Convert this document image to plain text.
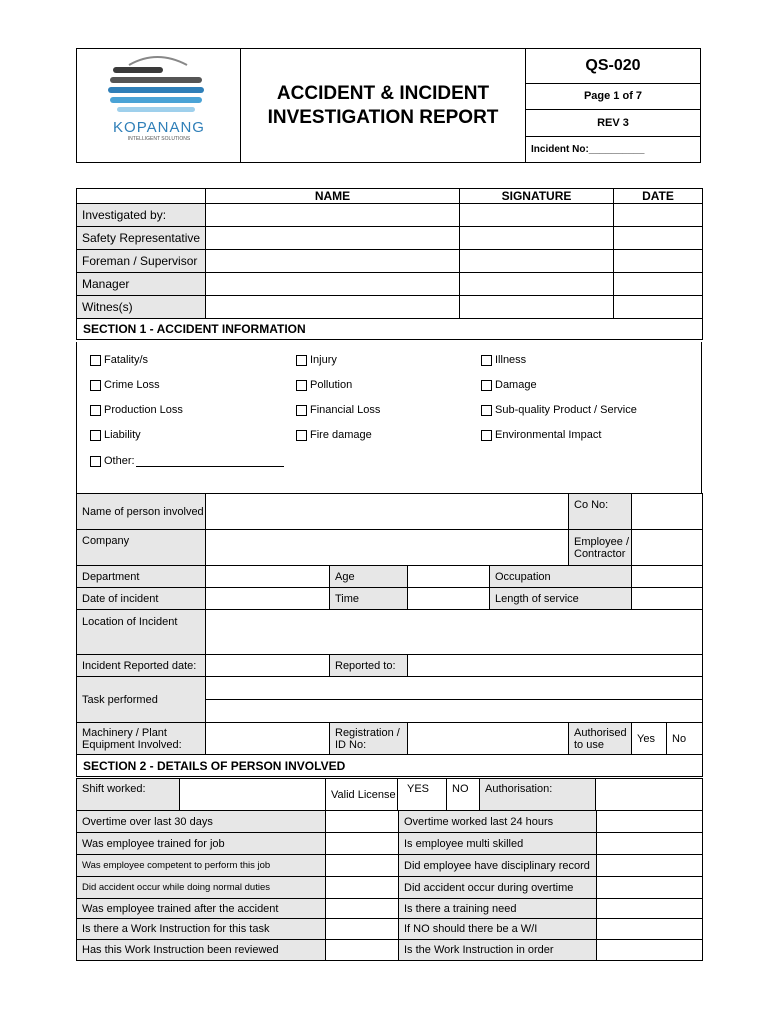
KOPANANG
INTELLIGENT SOLUTIONS

ACCIDENT & INCIDENT
INVESTIGATION REPORT
	QS-020
Page 1 of 7
REV 3
Incident No:__________
	NAME	SIGNATURE	DATE
Investigated by:			
Safety Representative			
Foreman / Supervisor			
Manager			
Witnes(s)			
SECTION 1 - ACCIDENT INFORMATION			
Fatality/s	Injury	Illness
Crime Loss	Pollution	Damage
Production Loss	Financial Loss	Sub-quality Product / Service
Liability	Fire damage	Environmental Impact
Other:
Name of person involved					Co No:		
Company					Employee / Contractor		
Department		Age		Occupation			
Date of incident		Time		Length of service			
Location of Incident							
Incident Reported date:		Reported to:					
Task performed							

Machinery / Plant Equipment Involved:		Registration / ID No:			Authorised to use	Yes	No
SECTION 2 - DETAILS OF PERSON INVOLVED							
Shift worked:		Valid License	YES	NO	Authorisation:	
Overtime over last 30 days		Overtime worked last 24 hours	
Was employee trained for job		Is employee multi skilled	
Was employee competent to perform this job		Did employee have disciplinary record	
Did accident occur while doing normal duties		Did accident occur during overtime	
Was employee trained after the accident		Is there a training need	
Is there a Work Instruction for this task		If NO should there be a W/I	
Has this Work Instruction been reviewed		Is the Work Instruction in order	
